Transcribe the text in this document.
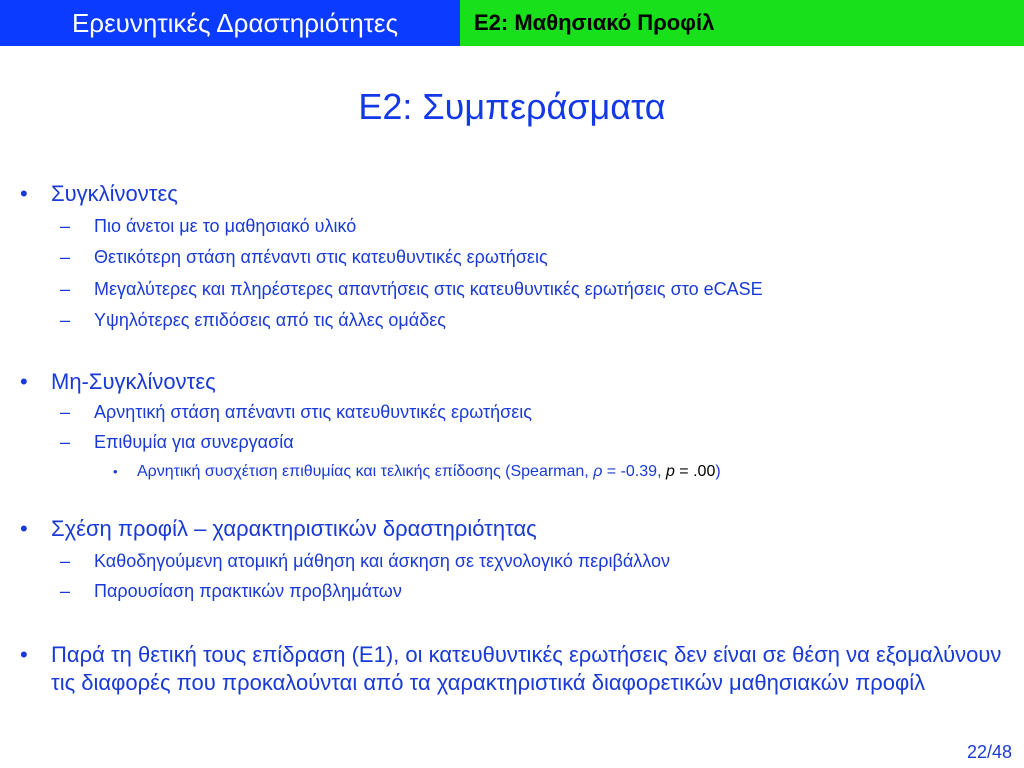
Ερευνητικές Δραστηριότητες	Ε2: Μαθησιακό Προφίλ
Ε2: Συμπεράσματα
•	Συγκλίνοντες
–	Πιο άνετοι με το μαθησιακό υλικό
–	Θετικότερη στάση απέναντι στις κατευθυντικές ερωτήσεις
–	Μεγαλύτερες και πληρέστερες απαντήσεις στις κατευθυντικές ερωτήσεις στο eCASE
–	Υψηλότερες επιδόσεις από τις άλλες ομάδες
•	Μη-Συγκλίνοντες
–	Αρνητική στάση απέναντι στις κατευθυντικές ερωτήσεις
–	Επιθυμία για συνεργασία
•	Αρνητική συσχέτιση επιθυμίας και τελικής επίδοσης (Spearman, ρ = -0.39, p = .00)
•	Σχέση προφίλ – χαρακτηριστικών δραστηριότητας
–	Καθοδηγούμενη ατομική μάθηση και άσκηση σε τεχνολογικό περιβάλλον
–	Παρουσίαση πρακτικών προβλημάτων
•	Παρά τη θετική τους επίδραση (Ε1), οι κατευθυντικές ερωτήσεις δεν είναι σε θέση να εξομαλύνουν τις διαφορές που προκαλούνται από τα χαρακτηριστικά διαφορετικών μαθησιακών προφίλ
22/48
